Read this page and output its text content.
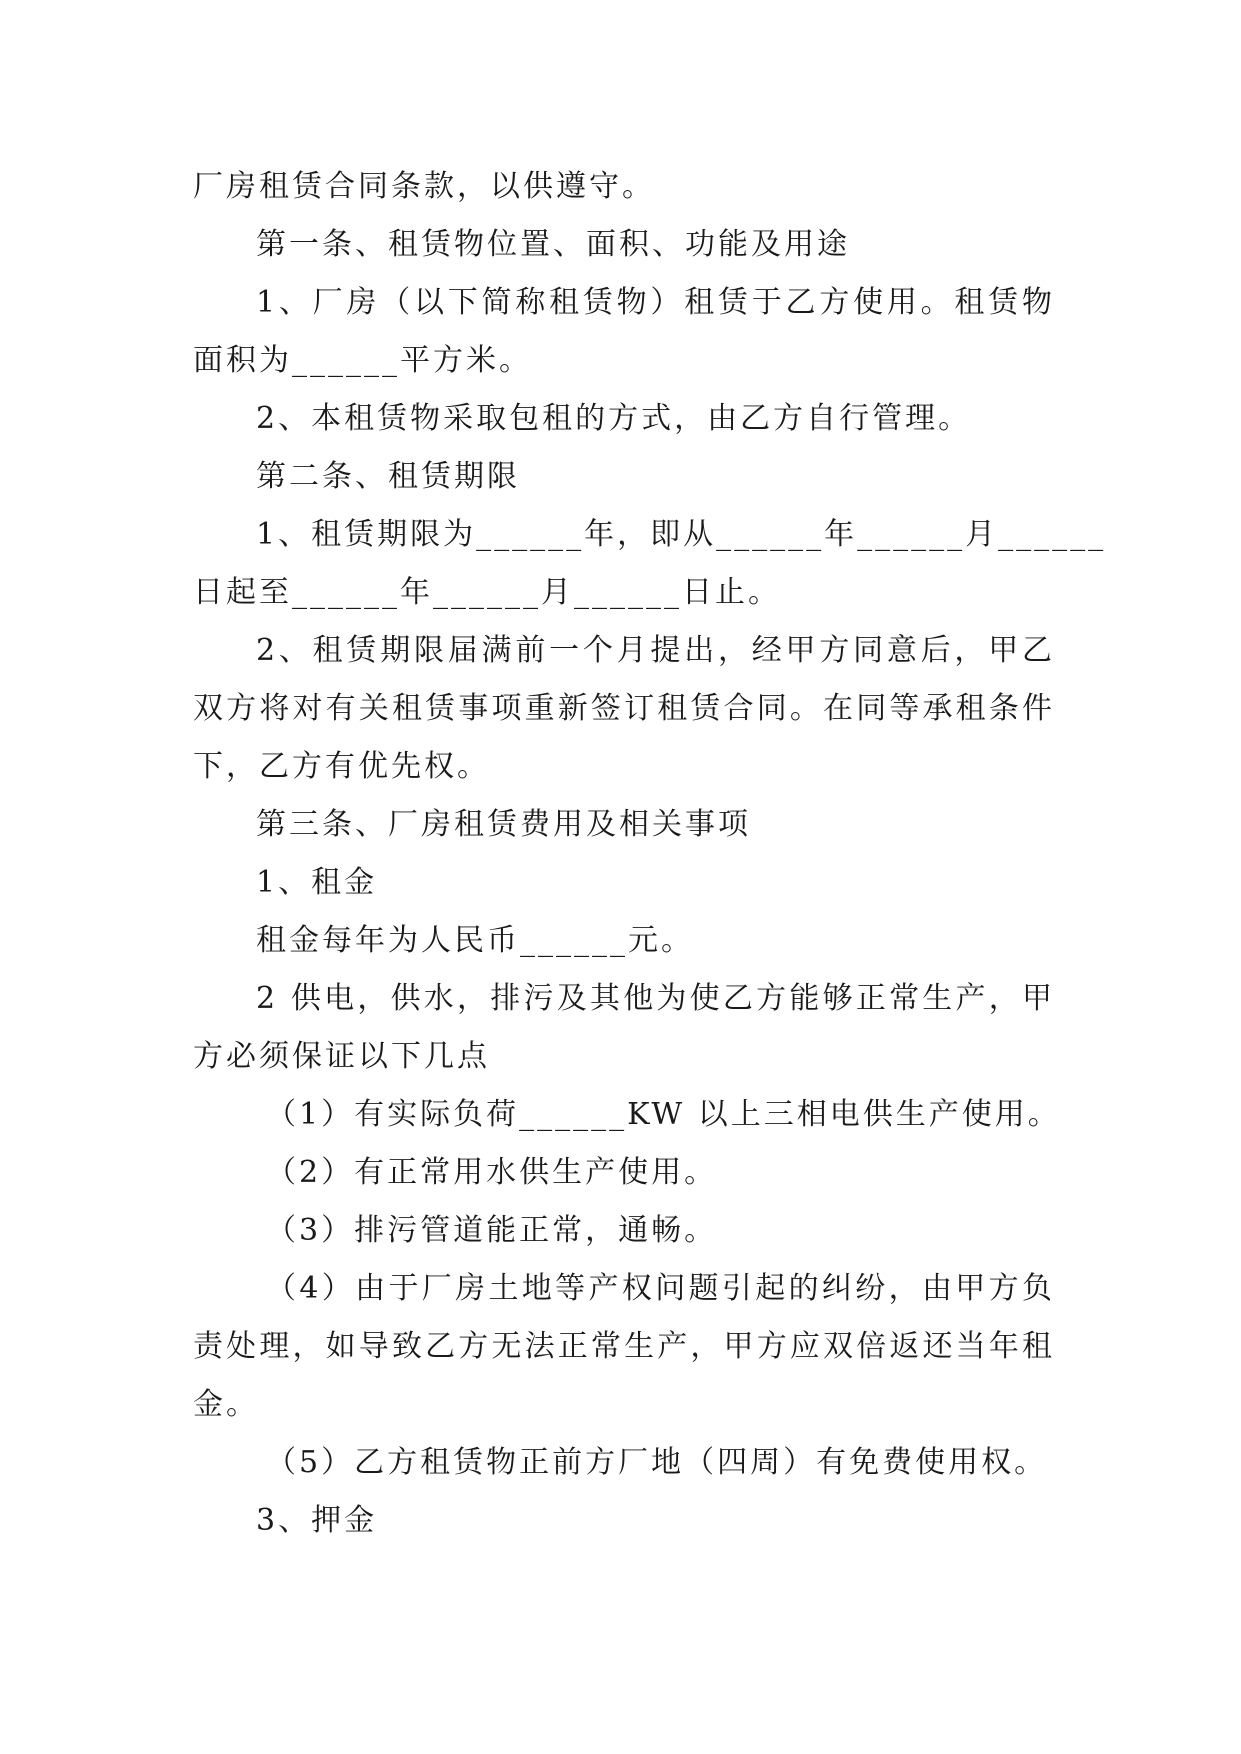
厂房租赁合同条款，以供遵守。
第一条、租赁物位置、面积、功能及用途
1、厂房（以下简称租赁物）租赁于乙方使用。租赁物
面积为______平方米。
2、本租赁物采取包租的方式，由乙方自行管理。
第二条、租赁期限
1、租赁期限为______年，即从______年______月______
日起至______年______月______日止。
2、租赁期限届满前一个月提出，经甲方同意后，甲乙
双方将对有关租赁事项重新签订租赁合同。在同等承租条件
下，乙方有优先权。
第三条、厂房租赁费用及相关事项
1、租金
租金每年为人民币______元。
2 供电，供水，排污及其他为使乙方能够正常生产，甲
方必须保证以下几点
（1）有实际负荷______KW 以上三相电供生产使用。
（2）有正常用水供生产使用。
（3）排污管道能正常，通畅。
（4）由于厂房土地等产权问题引起的纠纷，由甲方负
责处理，如导致乙方无法正常生产，甲方应双倍返还当年租
金。
（5）乙方租赁物正前方厂地（四周）有免费使用权。
3、押金
